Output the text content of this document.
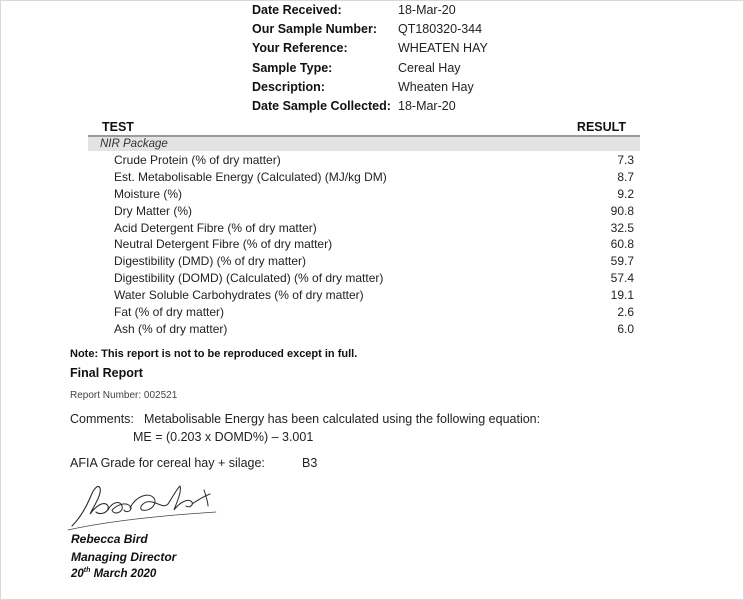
Date Received:	18-Mar-20
Our Sample Number:	QT180320-344
Your Reference:	WHEATEN HAY
Sample Type:	Cereal Hay
Description:	Wheaten Hay
Date Sample Collected: 18-Mar-20
TEST	RESULT
NIR Package
Crude Protein (% of dry matter)	7.3
Est. Metabolisable Energy (Calculated) (MJ/kg DM)	8.7
Moisture (%)	9.2
Dry Matter (%)	90.8
Acid Detergent Fibre (% of dry matter)	32.5
Neutral Detergent Fibre (% of dry matter)	60.8
Digestibility (DMD) (% of dry matter)	59.7
Digestibility (DOMD) (Calculated) (% of dry matter)	57.4
Water Soluble Carbohydrates (% of dry matter)	19.1
Fat (% of dry matter)	2.6
Ash (% of dry matter)	6.0
Note: This report is not to be reproduced except in full.
Final Report
Report Number: 002521
Comments: Metabolisable Energy has been calculated using the following equation:
ME = (0.203 x DOMD%) – 3.001
AFIA Grade for cereal hay + silage:	B3
Rebecca Bird
Managing Director
20th March 2020
